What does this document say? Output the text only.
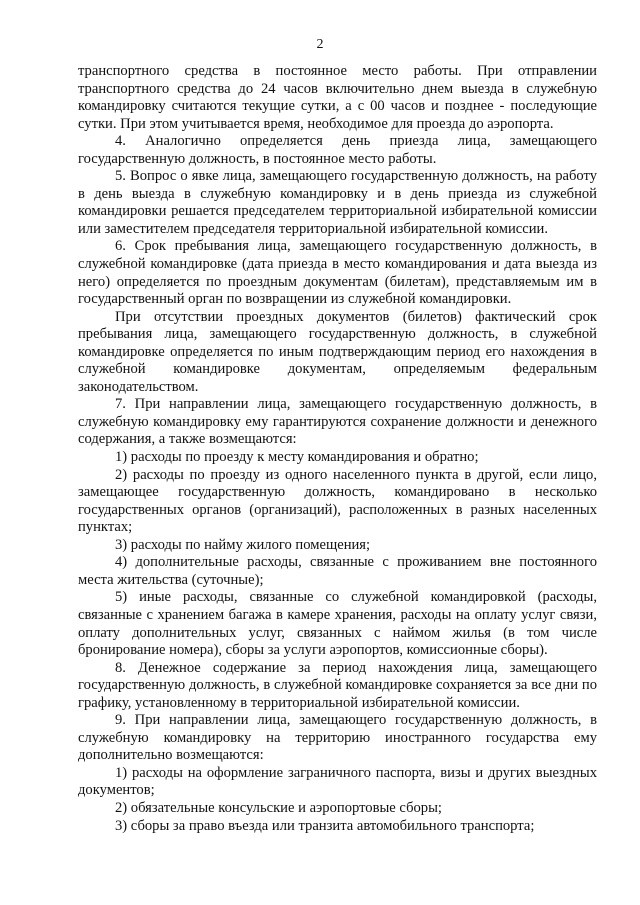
2

транспортного средства в постоянное место работы. При отправлении транспортного средства до 24 часов включительно днем выезда в служебную командировку считаются текущие сутки, а с 00 часов и позднее - последующие сутки. При этом учитывается время, необходимое для проезда до аэропорта.

4. Аналогично определяется день приезда лица, замещающего государственную должность, в постоянное место работы.

5. Вопрос о явке лица, замещающего государственную должность, на работу в день выезда в служебную командировку и в день приезда из служебной командировки решается председателем территориальной избирательной комиссии или заместителем председателя территориальной избирательной комиссии.

6. Срок пребывания лица, замещающего государственную должность, в служебной командировке (дата приезда в место командирования и дата выезда из него) определяется по проездным документам (билетам), представляемым им в государственный орган по возвращении из служебной командировки.

При отсутствии проездных документов (билетов) фактический срок пребывания лица, замещающего государственную должность, в служебной командировке определяется по иным подтверждающим период его нахождения в служебной командировке документам, определяемым федеральным законодательством.

7. При направлении лица, замещающего государственную должность, в служебную командировку ему гарантируются сохранение должности и денежного содержания, а также возмещаются:

1) расходы по проезду к месту командирования и обратно;

2) расходы по проезду из одного населенного пункта в другой, если лицо, замещающее государственную должность, командировано в несколько государственных органов (организаций), расположенных в разных населенных пунктах;

3) расходы по найму жилого помещения;

4) дополнительные расходы, связанные с проживанием вне постоянного места жительства (суточные);

5) иные расходы, связанные со служебной командировкой (расходы, связанные с хранением багажа в камере хранения, расходы на оплату услуг связи, оплату дополнительных услуг, связанных с наймом жилья (в том числе бронирование номера), сборы за услуги аэропортов, комиссионные сборы).

8. Денежное содержание за период нахождения лица, замещающего государственную должность, в служебной командировке сохраняется за все дни по графику, установленному в территориальной избирательной комиссии.

9. При направлении лица, замещающего государственную должность, в служебную командировку на территорию иностранного государства ему дополнительно возмещаются:

1) расходы на оформление заграничного паспорта, визы и других выездных документов;

2) обязательные консульские и аэропортовые сборы;

3) сборы за право въезда или транзита автомобильного транспорта;
